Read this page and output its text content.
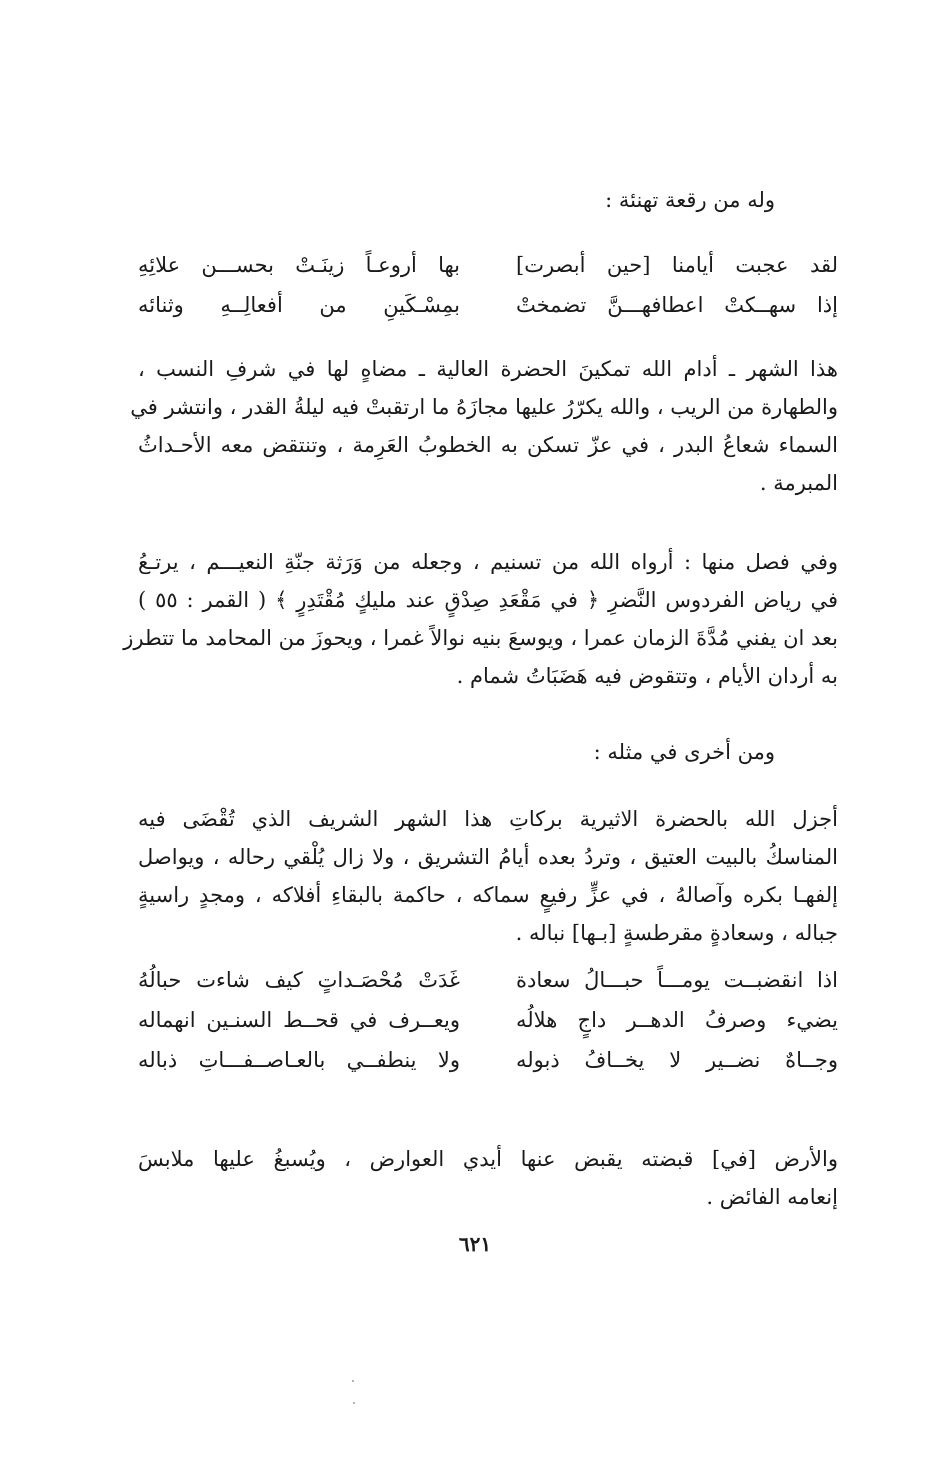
وله من رقعة تهنئة :
لقد عجبت أيامنا [حين أبصرت]
بها أروعـاً زينَـتْ بحســـن علائِهِ
إذا سهــكتْ اعطافهـــنَّ تضمختْ
بمِسْـكَينِ من أفعالِــهِ وثنائه
هذا الشهر ـ أدام الله تمكينَ الحضرة العالية ـ مضاهٍ لها في شرفِ النسب ،
والطهارة من الريب ، والله يكرّرُ عليها مجازَهُ ما ارتقبتْ فيه ليلةُ القدر ، وانتشر في
السماء شعاعُ البدر ، في عزّ تسكن به الخطوبُ العَرِمة ، وتنتقض معه الأحـداثُ
المبرمة .
وفي فصل منها : أرواه الله من تسنيم ، وجعله من وَرَثة جنّةِ النعيـــم ، يرتـعُ
في رياض الفردوس النَّضرِ ﴿ في مَقْعَدِ صِدْقٍ عند مليكٍ مُقْتَدِرٍ ﴾ ( القمر : ٥٥ )
بعد ان يفني مُدَّةَ الزمان عمرا ، ويوسعَ بنيه نوالاً غمرا ، ويحوزَ من المحامد ما تتطرز
به أردان الأيام ، وتتقوض فيه هَضَبَاتُ شمام .
ومن أخرى في مثله :
أجزل الله بالحضرة الاثيرية بركاتِ هذا الشهر الشريف الذي تُقْضَى فيه
المناسكُ بالبيت العتيق ، وتردُ بعده أيامُ التشريق ، ولا زال يُلْقي رحاله ، ويواصل
إلفهـا بكره وآصالهُ ، في عزٍّ رفيعٍ سماكه ، حاكمة بالبقاءِ أفلاكه ، ومجدٍ راسيةٍ
جباله ، وسعادةٍ مقرطسةٍ [بـها] نباله .
اذا انقضبــت يومـــاً حبـــالُ سعادة
غَدَتْ مُحْصَـداتٍ كيف شاءت حبالُهُ
يضيء وصرفُ الدهــر داجٍ هلالُه
ويعــرف في قحــط السنـين انهماله
وجــاهٌ نضــير لا يخــافُ ذبوله
ولا ينطفــي بالعـاصــفـــاتِ ذباله
والأرض [في] قبضته يقبض عنها أيدي العوارض ، ويُسبغُ عليها ملابسَ
إنعامه الفائض .
٦٢١
